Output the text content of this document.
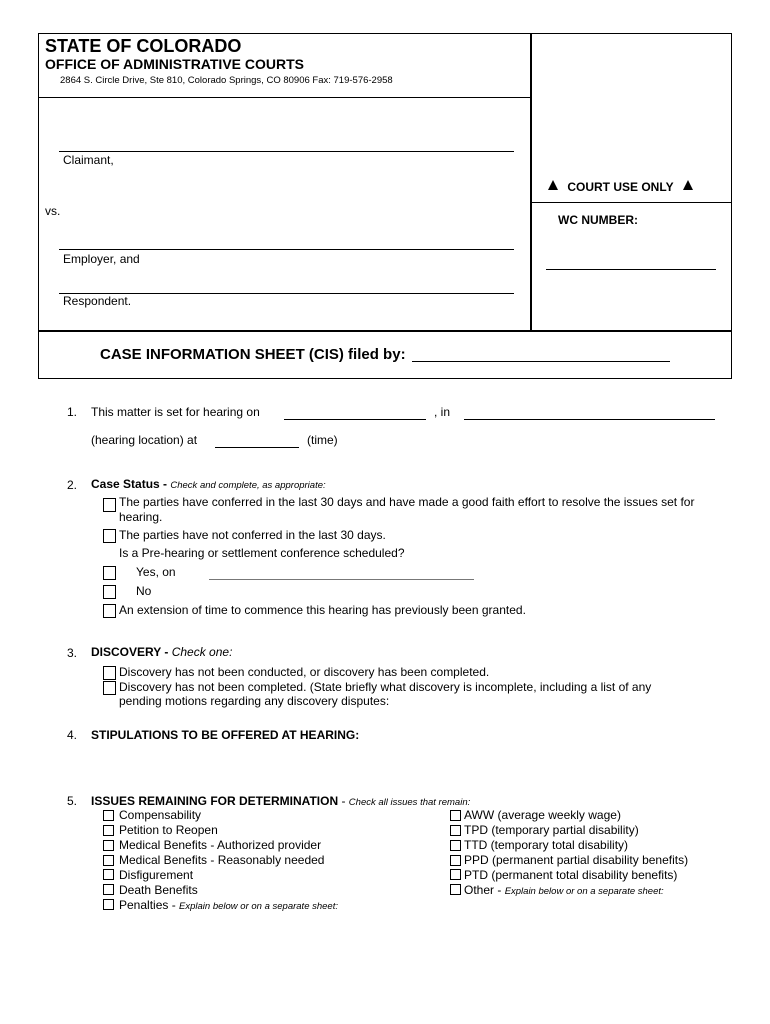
STATE OF COLORADO
OFFICE OF ADMINISTRATIVE COURTS
2864 S. Circle Drive, Ste 810, Colorado Springs, CO 80906 Fax: 719-576-2958
Claimant,
vs.
Employer, and
Respondent.
COURT USE ONLY
WC NUMBER:
CASE INFORMATION SHEET (CIS) filed by:
1. This matter is set for hearing on	, in
(hearing location) at	(time)
2. Case Status - Check and complete, as appropriate:
The parties have conferred in the last 30 days and have made a good faith effort to resolve the issues set for
hearing.
The parties have not conferred in the last 30 days.
Is a Pre-hearing or settlement conference scheduled?
Yes, on
No
An extension of time to commence this hearing has previously been granted.
3. DISCOVERY - Check one:
Discovery has not been conducted, or discovery has been completed.
Discovery has not been completed. (State briefly what discovery is incomplete, including a list of any
pending motions regarding any discovery disputes:
4. STIPULATIONS TO BE OFFERED AT HEARING:
5. ISSUES REMAINING FOR DETERMINATION - Check all issues that remain:
Compensability
Petition to Reopen
Medical Benefits - Authorized provider
Medical Benefits - Reasonably needed
Disfigurement
Death Benefits
Penalties - Explain below or on a separate sheet:
AWW (average weekly wage)
TPD (temporary partial disability)
TTD (temporary total disability)
PPD (permanent partial disability benefits)
PTD (permanent total disability benefits)
Other - Explain below or on a separate sheet:
